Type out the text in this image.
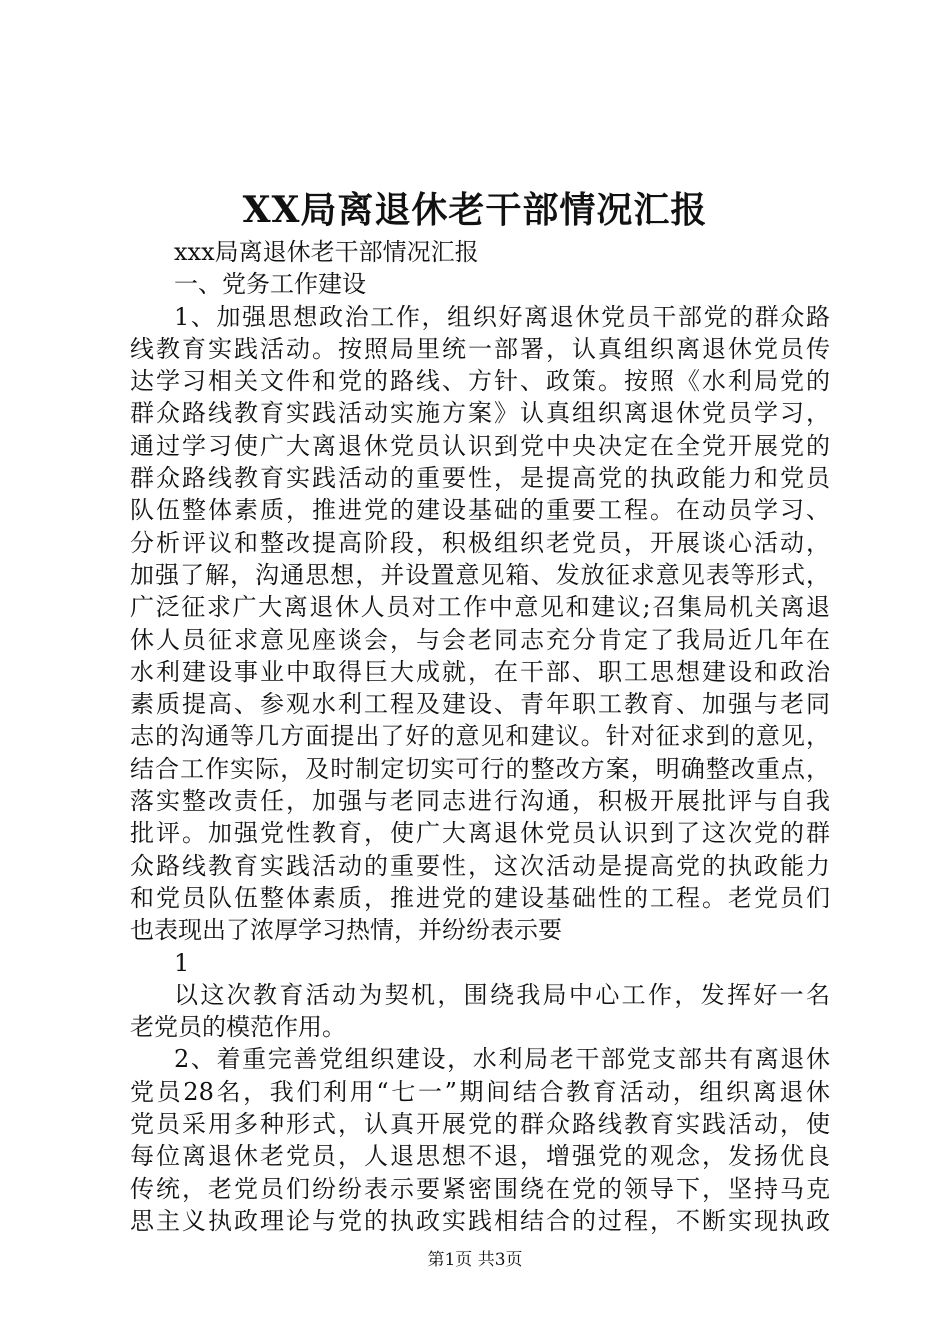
XX局离退休老干部情况汇报
xxx局离退休老干部情况汇报
一、党务工作建设
1、加强思想政治工作，组织好离退休党员干部党的群众路
线教育实践活动。按照局里统一部署，认真组织离退休党员传
达学习相关文件和党的路线、方针、政策。按照《水利局党的
群众路线教育实践活动实施方案》认真组织离退休党员学习，
通过学习使广大离退休党员认识到党中央决定在全党开展党的
群众路线教育实践活动的重要性，是提高党的执政能力和党员
队伍整体素质，推进党的建设基础的重要工程。在动员学习、
分析评议和整改提高阶段，积极组织老党员，开展谈心活动，
加强了解，沟通思想，并设置意见箱、发放征求意见表等形式，
广泛征求广大离退休人员对工作中意见和建议;召集局机关离退
休人员征求意见座谈会，与会老同志充分肯定了我局近几年在
水利建设事业中取得巨大成就，在干部、职工思想建设和政治
素质提高、参观水利工程及建设、青年职工教育、加强与老同
志的沟通等几方面提出了好的意见和建议。针对征求到的意见，
结合工作实际，及时制定切实可行的整改方案，明确整改重点，
落实整改责任，加强与老同志进行沟通，积极开展批评与自我
批评。加强党性教育，使广大离退休党员认识到了这次党的群
众路线教育实践活动的重要性，这次活动是提高党的执政能力
和党员队伍整体素质，推进党的建设基础性的工程。老党员们
也表现出了浓厚学习热情，并纷纷表示要
1
以这次教育活动为契机，围绕我局中心工作，发挥好一名
老党员的模范作用。
2、着重完善党组织建设，水利局老干部党支部共有离退休
党员28名，我们利用“七一”期间结合教育活动，组织离退休
党员采用多种形式，认真开展党的群众路线教育实践活动，使
每位离退休老党员，人退思想不退，增强党的观念，发扬优良
传统，老党员们纷纷表示要紧密围绕在党的领导下，坚持马克
思主义执政理论与党的执政实践相结合的过程，不断实现执政
第1页 共3页
